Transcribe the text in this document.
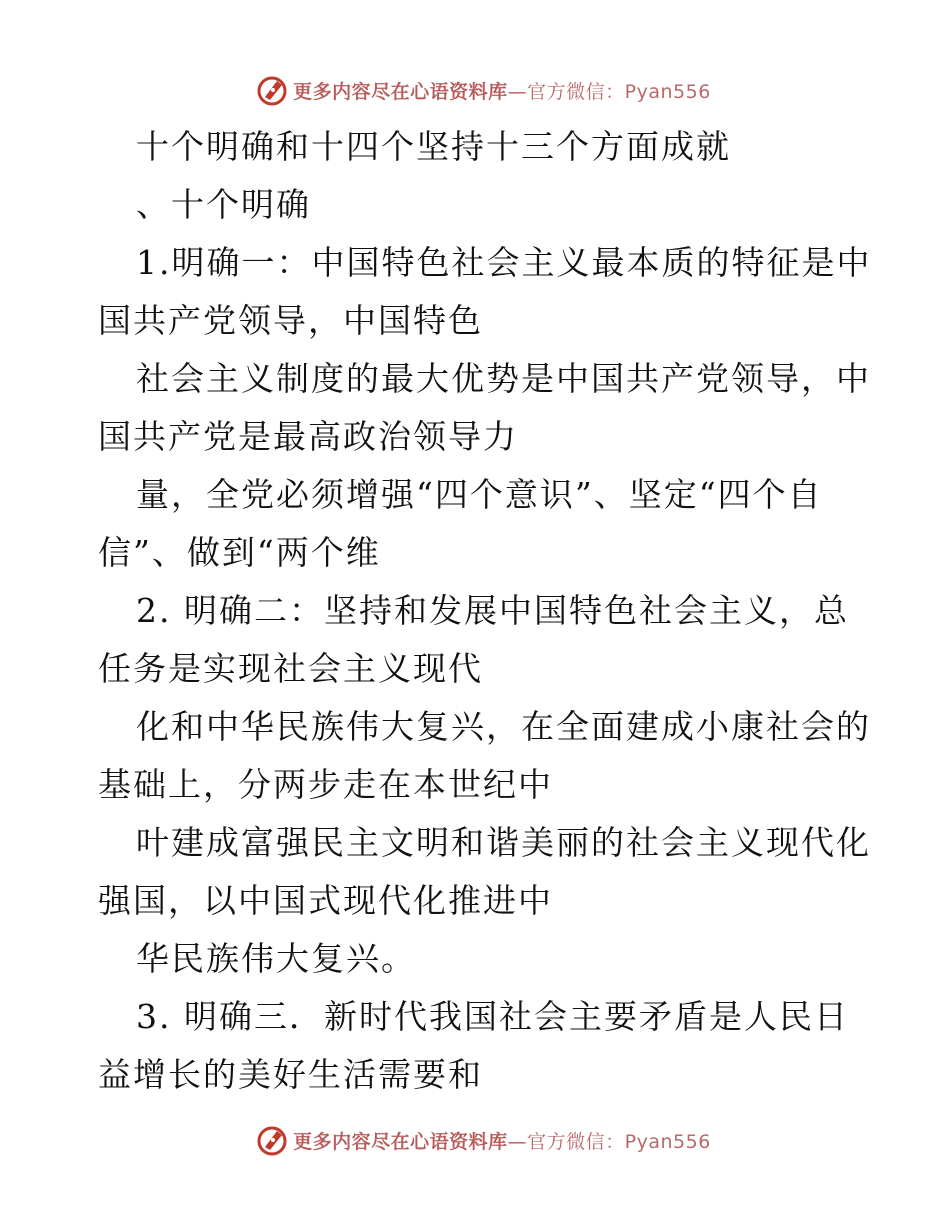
更多内容尽在心语资料库—官方微信：Pyan556
十个明确和十四个坚持十三个方面成就
、十个明确
1.明确一：中国特色社会主义最本质的特征是中
国共产党领导，中国特色
社会主义制度的最大优势是中国共产党领导，中
国共产党是最高政治领导力
量，全党必须增强“四个意识”、坚定“四个自
信”、做到“两个维
2. 明确二：坚持和发展中国特色社会主义，总
任务是实现社会主义现代
化和中华民族伟大复兴，在全面建成小康社会的
基础上，分两步走在本世纪中
叶建成富强民主文明和谐美丽的社会主义现代化
强国，以中国式现代化推进中
华民族伟大复兴。
3. 明确三．新时代我国社会主要矛盾是人民日
益增长的美好生活需要和
更多内容尽在心语资料库—官方微信：Pyan556
